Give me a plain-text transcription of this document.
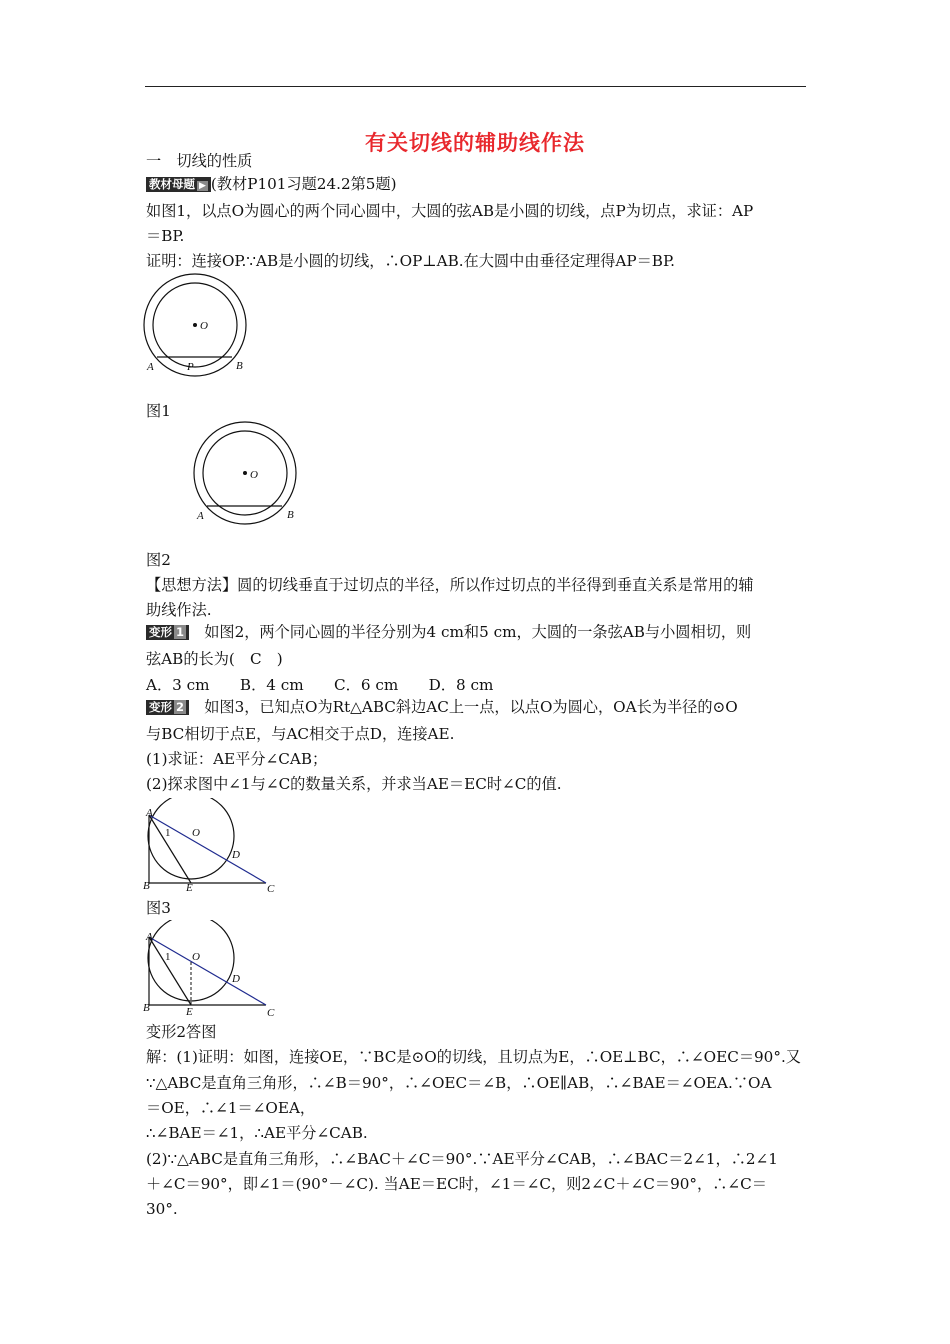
有关切线的辅助线作法
一　切线的性质
教材母题 ▶ (教材P101习题24.2第5题)
如图1，以点O为圆心的两个同心圆中，大圆的弦AB是小圆的切线，点P为切点，求证：AP
＝BP.
证明：连接OP.∵AB是小圆的切线，∴OP⊥AB.在大圆中由垂径定理得AP＝BP.
O
A	P	B
图1
O
A	B
图2
【思想方法】圆的切线垂直于过切点的半径，所以作过切点的半径得到垂直关系是常用的辅
助线作法.
变形 1　 如图2，两个同心圆的半径分别为4 cm和5 cm，大圆的一条弦AB与小圆相切，则
弦AB的长为(　C　)
A．3 cm　　B．4 cm　　C．6 cm　　D．8 cm
变形 2　 如图3，已知点O为Rt△ABC斜边AC上一点，以点O为圆心，OA长为半径的⊙O
与BC相切于点E，与AC相交于点D，连接AE.
(1)求证：AE平分∠CAB；
(2)探求图中∠1与∠C的数量关系，并求当AE＝EC时∠C的值.
A
1 O
D
B	E	C
图3
A
1 O
D
B	E	C
变形2答图
解：(1)证明：如图，连接OE，∵BC是⊙O的切线，且切点为E，∴OE⊥BC，∴∠OEC＝90°.又
∵△ABC是直角三角形，∴∠B＝90°，∴∠OEC＝∠B，∴OE∥AB，∴∠BAE＝∠OEA.∵OA
＝OE，∴∠1＝∠OEA，
∴∠BAE＝∠1，∴AE平分∠CAB.
(2)∵△ABC是直角三角形，∴∠BAC＋∠C＝90°.∵AE平分∠CAB，∴∠BAC＝2∠1，∴2∠1
＋∠C＝90°，即∠1＝(90°－∠C). 当AE＝EC时，∠1＝∠C，则2∠C＋∠C＝90°，∴∠C＝
30°.
